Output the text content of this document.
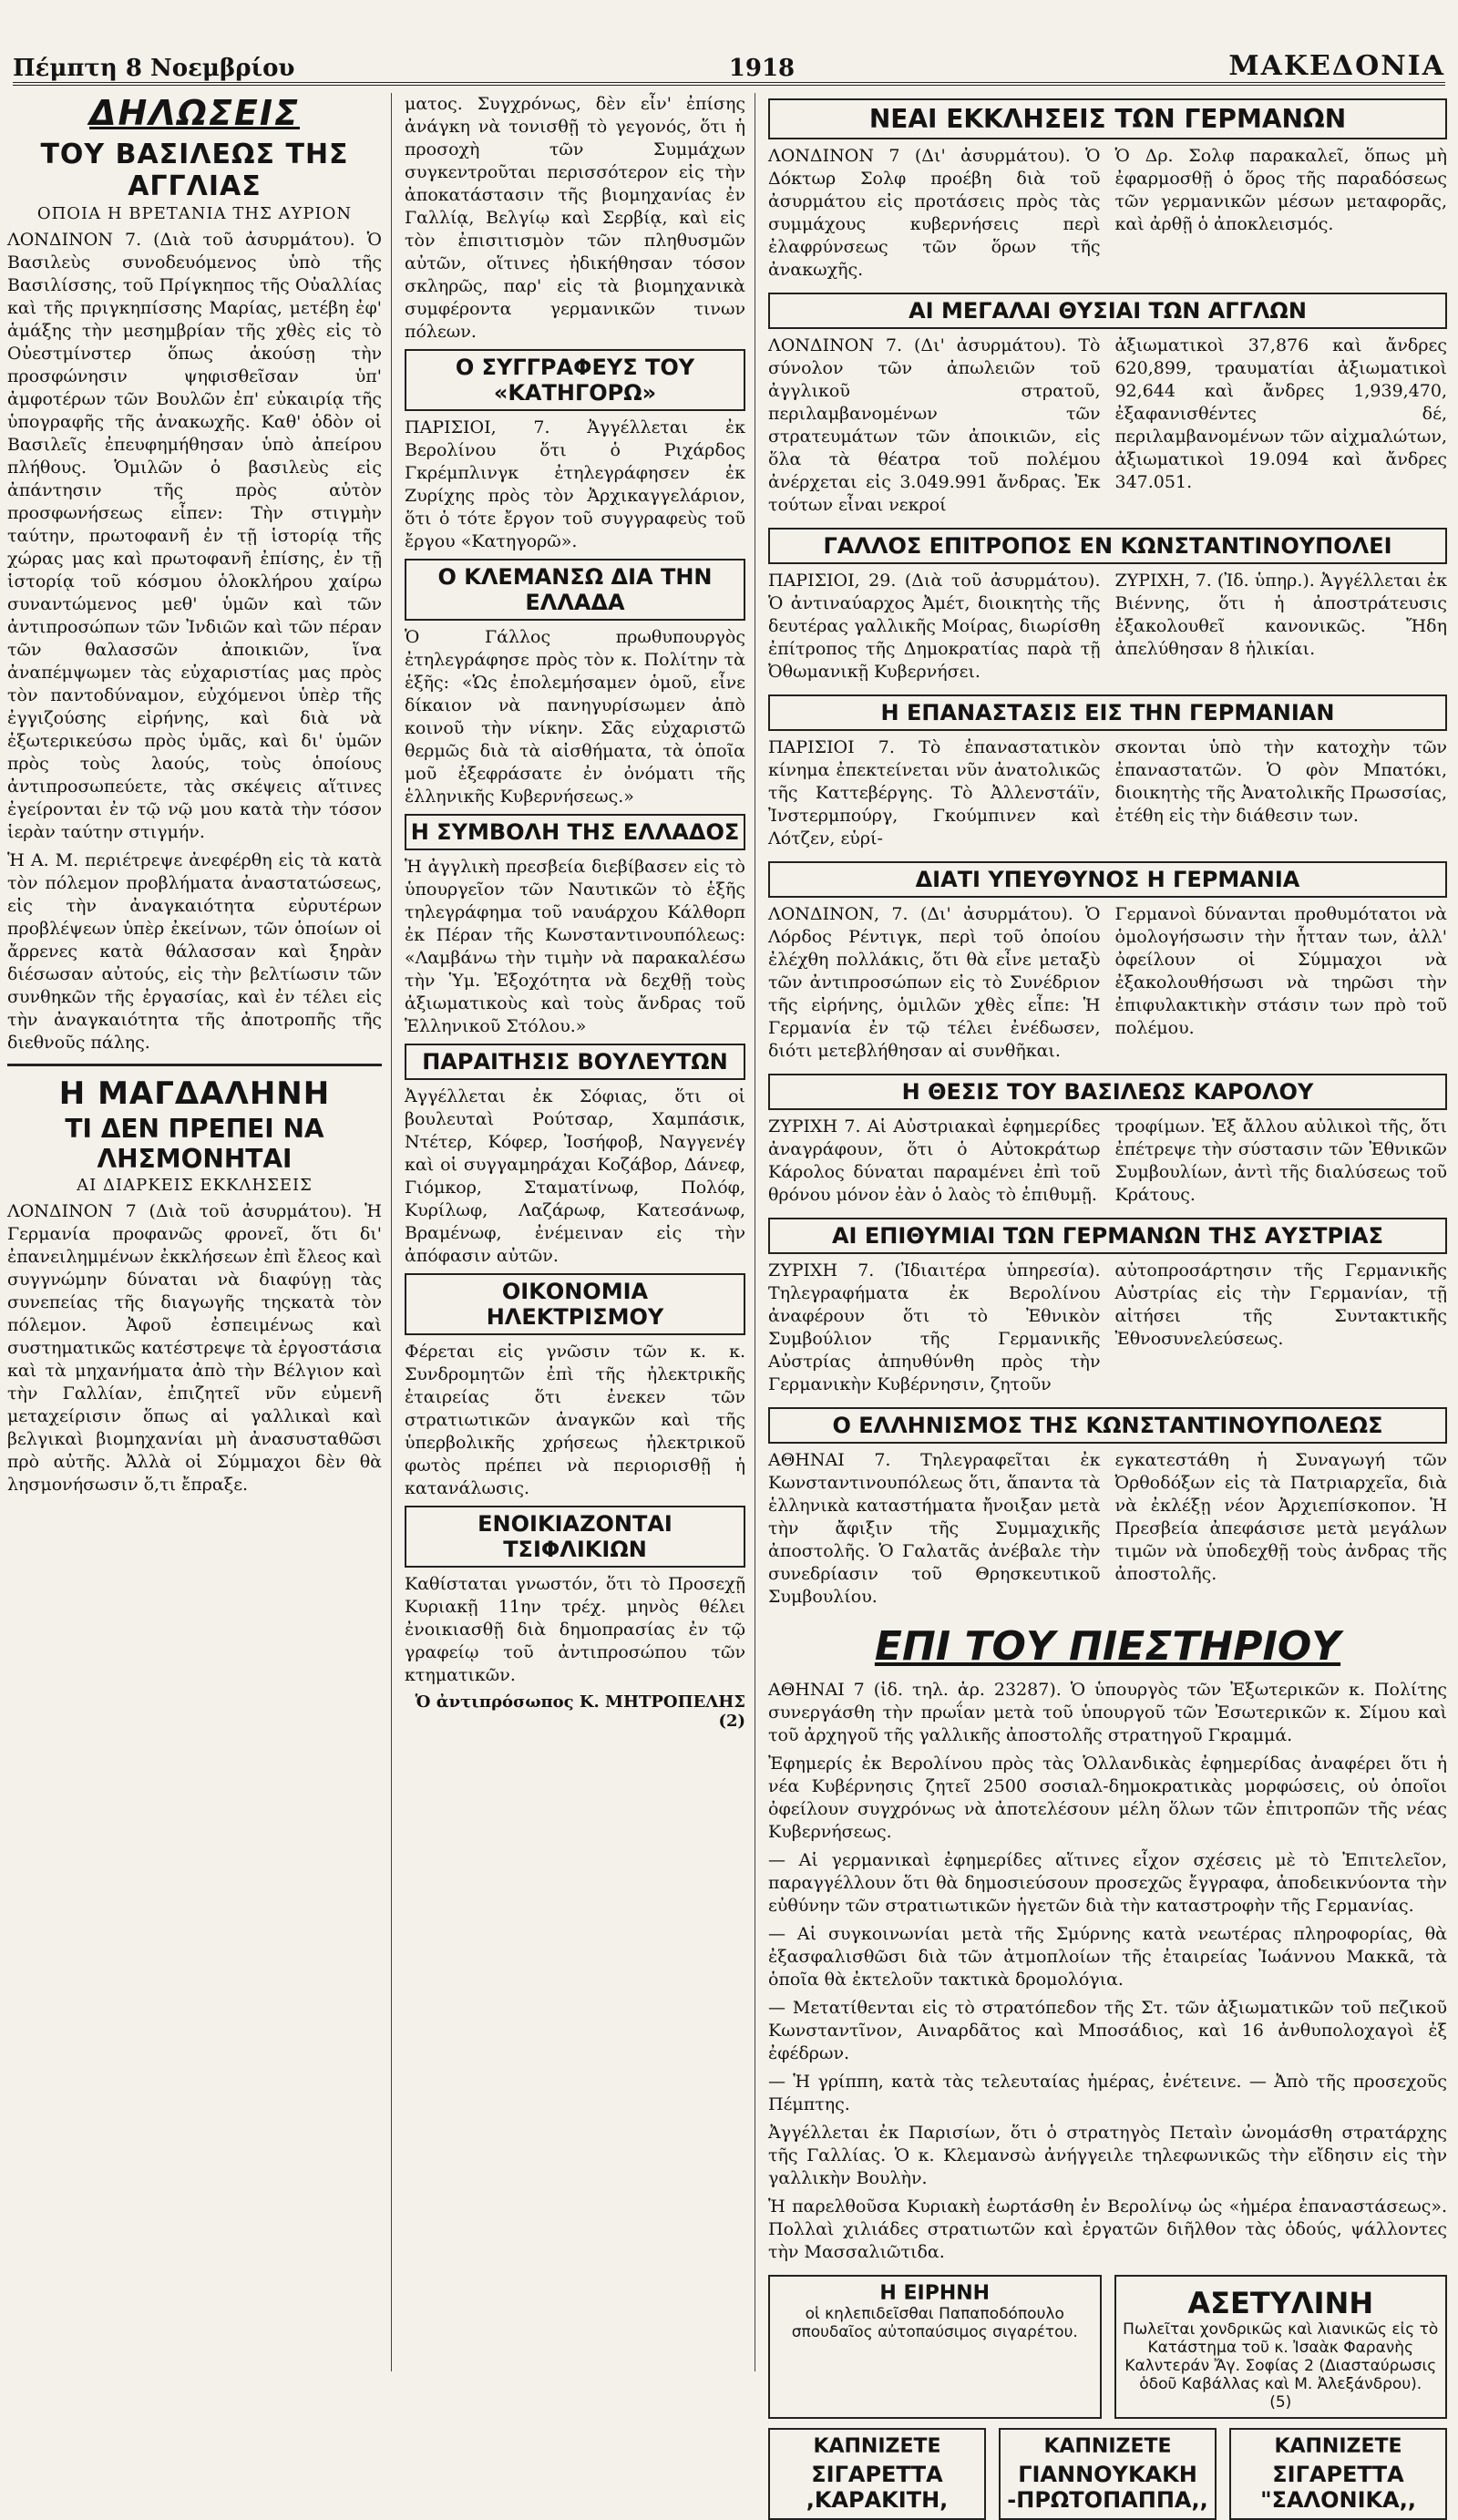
Πέμπτη 8 Νοεμβρίου	1918	ΜΑΚΕΔΟΝΙΑ
ΔΗΛΩΣΕΙΣ
ΤΟΥ ΒΑΣΙΛΕΩΣ ΤΗΣ ΑΓΓΛΙΑΣ
ΟΠΟΙΑ Η ΒΡΕΤΑΝΙΑ ΤΗΣ ΑΥΡΙΟΝ

ΛΟΝΔΙΝΟΝ 7. (Διὰ τοῦ ἀσυρμάτου). Ὁ Βασιλεὺς συνοδευόμενος ὑπὸ τῆς Βασιλίσσης, τοῦ Πρίγκηπος τῆς Οὐαλλίας καὶ τῆς πριγκηπίσσης Μαρίας, μετέβη ἐφ' ἁμάξης τὴν μεσημβρίαν τῆς χθὲς εἰς τὸ Οὐεστμίνστερ ὅπως ἀκούσῃ τὴν προσφώνησιν ψηφισθεῖσαν ὑπ' ἀμφοτέρων τῶν Βουλῶν ἐπ' εὐκαιρίᾳ τῆς ὑπογραφῆς τῆς ἀνακωχῆς. Καθ' ὁδὸν οἱ Βασιλεῖς ἐπευφημήθησαν ὑπὸ ἀπείρου πλήθους. Ὁμιλῶν ὁ βασιλεὺς εἰς ἀπάντησιν τῆς πρὸς αὐτὸν προσφωνήσεως εἶπεν: Τὴν στιγμὴν ταύτην, πρωτοφανῆ ἐν τῇ ἱστορίᾳ τῆς χώρας μας καὶ πρωτοφανῆ ἐπίσης, ἐν τῇ ἱστορίᾳ τοῦ κόσμου ὁλοκλήρου χαίρω συναντώμενος μεθ' ὑμῶν καὶ τῶν ἀντιπροσώπων τῶν Ἰνδιῶν καὶ τῶν πέραν τῶν θαλασσῶν ἀποικιῶν, ἵνα ἀναπέμψωμεν τὰς εὐχαριστίας μας πρὸς τὸν παντοδύναμον, εὐχόμενοι ὑπὲρ τῆς ἐγγιζούσης εἰρήνης, καὶ διὰ νὰ ἐξωτερικεύσω πρὸς ὑμᾶς, καὶ δι' ὑμῶν πρὸς τοὺς λαούς, τοὺς ὁποίους ἀντιπροσωπεύετε, τὰς σκέψεις αἵτινες ἐγείρονται ἐν τῷ νῷ μου κατὰ τὴν τόσον ἱερὰν ταύτην στιγμήν.

Ἡ Α. Μ. περιέτρεψε ἀνεφέρθη εἰς τὰ κατὰ τὸν πόλεμον προβλήματα ἀναστατώσεως, εἰς τὴν ἀναγκαιότητα εὐρυτέρων προβλέψεων ὑπὲρ ἐκείνων, τῶν ὁποίων οἱ ἄρρενες κατὰ θάλασσαν καὶ ξηρὰν διέσωσαν αὐτούς, εἰς τὴν βελτίωσιν τῶν συνθηκῶν τῆς ἐργασίας, καὶ ἐν τέλει εἰς τὴν ἀναγκαιότητα τῆς ἀποτροπῆς τῆς διεθνοῦς πάλης.

Η ΜΑΓΔΑΛΗΝΗ
ΤΙ ΔΕΝ ΠΡΕΠΕΙ ΝΑ ΛΗΣΜΟΝΗΤΑΙ
ΑΙ ΔΙΑΡΚΕΙΣ ΕΚΚΛΗΣΕΙΣ

ΛΟΝΔΙΝΟΝ 7 (Διὰ τοῦ ἀσυρμάτου). Ἡ Γερμανία προφανῶς φρονεῖ, ὅτι δι' ἐπανειλημμένων ἐκκλήσεων ἐπὶ ἔλεος καὶ συγγνώμην δύναται νὰ διαφύγῃ τὰς συνεπείας τῆς διαγωγῆς τηςκατὰ τὸν πόλεμον. Ἀφοῦ ἐσπειμένως καὶ συστηματικῶς κατέστρεψε τὰ ἐργοστάσια καὶ τὰ μηχανήματα ἀπὸ τὴν Βέλγιον καὶ τὴν Γαλλίαν, ἐπιζητεῖ νῦν εὐμενῆ μεταχείρισιν ὅπως αἱ γαλλικαὶ καὶ βελγικαὶ βιομηχανίαι μὴ ἀνασυσταθῶσι πρὸ αὐτῆς. Ἀλλὰ οἱ Σύμμαχοι δὲν θὰ λησμονήσωσιν ὅ,τι ἔπραξε.

ματος. Συγχρόνως, δὲν εἶν' ἐπίσης ἀνάγκη νὰ τονισθῇ τὸ γεγονός, ὅτι ἡ προσοχὴ τῶν Συμμάχων συγκεντροῦται περισσότερον εἰς τὴν ἀποκατάστασιν τῆς βιομηχανίας ἐν Γαλλίᾳ, Βελγίῳ καὶ Σερβίᾳ, καὶ εἰς τὸν ἐπισιτισμὸν τῶν πληθυσμῶν αὐτῶν, οἵτινες ἠδικήθησαν τόσον σκληρῶς, παρ' εἰς τὰ βιομηχανικὰ συμφέροντα γερμανικῶν τινων πόλεων.

Ο ΣΥΓΓΡΑΦΕΥΣ ΤΟΥ «ΚΑΤΗΓΟΡΩ»

ΠΑΡΙΣΙΟΙ, 7. Ἀγγέλλεται ἐκ Βερολίνου ὅτι ὁ Ριχάρδος Γκρέμπλινγκ ἐτηλεγράφησεν ἐκ Ζυρίχης πρὸς τὸν Ἀρχικαγγελάριον, ὅτι ὁ τότε ἔργον τοῦ συγγραφεὺς τοῦ ἔργου «Κατηγορῶ».

Ο ΚΛΕΜΑΝΣΩ ΔΙΑ ΤΗΝ ΕΛΛΑΔΑ

Ὁ Γάλλος πρωθυπουργὸς ἐτηλεγράφησε πρὸς τὸν κ. Πολίτην τὰ ἑξῆς: «Ὡς ἐπολεμήσαμεν ὁμοῦ, εἶνε δίκαιον νὰ πανηγυρίσωμεν ἀπὸ κοινοῦ τὴν νίκην. Σᾶς εὐχαριστῶ θερμῶς διὰ τὰ αἰσθήματα, τὰ ὁποῖα μοῦ ἐξεφράσατε ἐν ὀνόματι τῆς ἑλληνικῆς Κυβερνήσεως.»

Η ΣΥΜΒΟΛΗ ΤΗΣ ΕΛΛΑΔΟΣ

Ἡ ἀγγλικὴ πρεσβεία διεβίβασεν εἰς τὸ ὑπουργεῖον τῶν Ναυτικῶν τὸ ἑξῆς τηλεγράφημα τοῦ ναυάρχου Κάλθορπ ἐκ Πέραν τῆς Κωνσταντινουπόλεως: «Λαμβάνω τὴν τιμὴν νὰ παρακαλέσω τὴν Ὑμ. Ἐξοχότητα νὰ δεχθῇ τοὺς ἀξιωματικοὺς καὶ τοὺς ἄνδρας τοῦ Ἑλληνικοῦ Στόλου.»

ΠΑΡΑΙΤΗΣΙΣ ΒΟΥΛΕΥΤΩΝ

Ἀγγέλλεται ἐκ Σόφιας, ὅτι οἱ βουλευταὶ Ρούτσαρ, Χαμπάσικ, Ντέτερ, Κόφερ, Ἰοσήφοβ, Ναγγενέγ καὶ οἱ συγγαμηράχαι Κοζάβορ, Δάνεφ, Γιόμκορ, Σταματίνωφ, Πολόφ, Κυρίλωφ, Λαζάρωφ, Κατεσάνωφ, Βραμένωφ, ἐνέμειναν εἰς τὴν ἀπόφασιν αὐτῶν.

ΟΙΚΟΝΟΜΙΑ ΗΛΕΚΤΡΙΣΜΟΥ

Φέρεται εἰς γνῶσιν τῶν κ. κ. Συνδρομητῶν ἐπὶ τῆς ἠλεκτρικῆς ἐταιρείας ὅτι ἐνεκεν τῶν στρατιωτικῶν ἀναγκῶν καὶ τῆς ὑπερβολικῆς χρήσεως ἠλεκτρικοῦ φωτὸς πρέπει νὰ περιορισθῇ ἡ κατανάλωσις.

ΕΝΟΙΚΙΑΖΟΝΤΑΙ ΤΣΙΦΛΙΚΙΩΝ

Καθίσταται γνωστόν, ὅτι τὸ Προσεχῇ Κυριακῇ 11ην τρέχ. μηνὸς θέλει ἐνοικιασθῇ διὰ δημοπρασίας ἐν τῷ γραφείῳ τοῦ ἀντιπροσώπου τῶν κτηματικῶν.

Ὁ ἀντιπρόσωπος Κ. ΜΗΤΡΟΠΕΛΗΣ
(2)
ΝΕΑΙ ΕΚΚΛΗΣΕΙΣ ΤΩΝ ΓΕΡΜΑΝΩΝ

ΛΟΝΔΙΝΟΝ 7 (Δι' ἀσυρμάτου). Ὁ Δόκτωρ Σολφ προέβη διὰ τοῦ ἀσυρμάτου εἰς προτάσεις πρὸς τὰς συμμάχους κυβερνήσεις περὶ ἐλαφρύνσεως τῶν ὅρων τῆς ἀνακωχῆς.

Ὁ Δρ. Σολφ παρακαλεῖ, ὅπως μὴ ἐφαρμοσθῇ ὁ ὅρος τῆς παραδόσεως τῶν γερμανικῶν μέσων μεταφορᾶς, καὶ ἀρθῇ ὁ ἀποκλεισμός.

ΑΙ ΜΕΓΑΛΑΙ ΘΥΣΙΑΙ ΤΩΝ ΑΓΓΛΩΝ

ΛΟΝΔΙΝΟΝ 7. (Δι' ἀσυρμάτου). Τὸ σύνολον τῶν ἀπωλειῶν τοῦ ἀγγλικοῦ στρατοῦ, περιλαμβανομένων τῶν στρατευμάτων τῶν ἀποικιῶν, εἰς ὅλα τὰ θέατρα τοῦ πολέμου ἀνέρχεται εἰς 3.049.991 ἄνδρας. Ἐκ τούτων εἶναι νεκροί

ἀξιωματικοὶ 37,876 καὶ ἄνδρες 620,899, τραυματίαι ἀξιωματικοὶ 92,644 καὶ ἄνδρες 1,939,470, ἐξαφανισθέντες δέ, περιλαμβανομένων τῶν αἰχμαλώτων, ἀξιωματικοὶ 19.094 καὶ ἄνδρες 347.051.

ΓΑΛΛΟΣ ΕΠΙΤΡΟΠΟΣ ΕΝ ΚΩΝΣΤΑΝΤΙΝΟΥΠΟΛΕΙ

ΠΑΡΙΣΙΟΙ, 29. (Διὰ τοῦ ἀσυρμάτου). Ὁ ἀντιναύαρχος Ἀμέτ, διοικητὴς τῆς δευτέρας γαλλικῆς Μοίρας, διωρίσθη ἐπίτροπος τῆς Δημοκρατίας παρὰ τῇ Ὀθωμανικῇ Κυβερνήσει.

ΖΥΡΙΧΗ, 7. (Ἰδ. ὑπηρ.). Ἀγγέλλεται ἐκ Βιέννης, ὅτι ἡ ἀποστράτευσις ἐξακολουθεῖ κανονικῶς. Ἤδη ἀπελύθησαν 8 ἡλικίαι.

Η ΕΠΑΝΑΣΤΑΣΙΣ ΕΙΣ ΤΗΝ ΓΕΡΜΑΝΙΑΝ

ΠΑΡΙΣΙΟΙ 7. Τὸ ἐπαναστατικὸν κίνημα ἐπεκτείνεται νῦν ἀνατολικῶς τῆς Καττεβέργης. Τὸ Ἀλλενστάϊν, Ἰνστερμπούργ, Γκούμπινεν καὶ Λότζεν, εὑρί-

σκονται ὑπὸ τὴν κατοχὴν τῶν ἐπαναστατῶν. Ὁ φὸν Μπατόκι, διοικητὴς τῆς Ἀνατολικῆς Πρωσσίας, ἐτέθη εἰς τὴν διάθεσιν των.

ΔΙΑΤΙ ΥΠΕΥΘΥΝΟΣ Η ΓΕΡΜΑΝΙΑ

ΛΟΝΔΙΝΟΝ, 7. (Δι' ἀσυρμάτου). Ὁ Λόρδος Ρέντιγκ, περὶ τοῦ ὁποίου ἐλέχθη πολλάκις, ὅτι θὰ εἶνε μεταξὺ τῶν ἀντιπροσώπων εἰς τὸ Συνέδριον τῆς εἰρήνης, ὁμιλῶν χθὲς εἶπε: Ἡ Γερμανία ἐν τῷ τέλει ἐνέδωσεν, διότι μετεβλήθησαν αἱ συνθῆκαι.

Γερμανοὶ δύνανται προθυμότατοι νὰ ὁμολογήσωσιν τὴν ἧτταν των, ἀλλ' ὀφείλουν οἱ Σύμμαχοι νὰ ἐξακολουθήσωσι νὰ τηρῶσι τὴν ἐπιφυλακτικὴν στάσιν των πρὸ τοῦ πολέμου.

Η ΘΕΣΙΣ ΤΟΥ ΒΑΣΙΛΕΩΣ ΚΑΡΟΛΟΥ

ΖΥΡΙΧΗ 7. Αἱ Αὐστριακαὶ ἐφημερίδες ἀναγράφουν, ὅτι ὁ Αὐτοκράτωρ Κάρολος δύναται παραμένει ἐπὶ τοῦ θρόνου μόνον ἐὰν ὁ λαὸς τὸ ἐπιθυμῇ.

τροφίμων. Ἐξ ἄλλου αὐλικοὶ τῆς, ὅτι ἐπέτρεψε τὴν σύστασιν τῶν Ἐθνικῶν Συμβουλίων, ἀντὶ τῆς διαλύσεως τοῦ Κράτους.

ΑΙ ΕΠΙΘΥΜΙΑΙ ΤΩΝ ΓΕΡΜΑΝΩΝ ΤΗΣ ΑΥΣΤΡΙΑΣ

ΖΥΡΙΧΗ 7. (Ἰδιαιτέρα ὑπηρεσία). Τηλεγραφήματα ἐκ Βερολίνου ἀναφέρουν ὅτι τὸ Ἐθνικὸν Συμβούλιον τῆς Γερμανικῆς Αὐστρίας ἀπηυθύνθη πρὸς τὴν Γερμανικὴν Κυβέρνησιν, ζητοῦν

αὐτοπροσάρτησιν τῆς Γερμανικῆς Αὐστρίας εἰς τὴν Γερμανίαν, τῇ αἰτήσει τῆς Συντακτικῆς Ἐθνοσυνελεύσεως.

Ο ΕΛΛΗΝΙΣΜΟΣ ΤΗΣ ΚΩΝΣΤΑΝΤΙΝΟΥΠΟΛΕΩΣ

ΑΘΗΝΑΙ 7. Τηλεγραφεῖται ἐκ Κωνσταντινουπόλεως ὅτι, ἅπαντα τὰ ἑλληνικὰ καταστήματα ἤνοιξαν μετὰ τὴν ἄφιξιν τῆς Συμμαχικῆς ἀποστολῆς. Ὁ Γαλατᾶς ἀνέβαλε τὴν συνεδρίασιν τοῦ Θρησκευτικοῦ Συμβουλίου.

εγκατεστάθη ἡ Συναγωγή τῶν Ὀρθοδόξων εἰς τὰ Πατριαρχεῖα, διὰ νὰ ἐκλέξῃ νέον Ἀρχιεπίσκοπον. Ἡ Πρεσβεία ἀπεφάσισε μετὰ μεγάλων τιμῶν νὰ ὑποδεχθῇ τοὺς ἀνδρας τῆς ἀποστολῆς.

ΕΠΙ ΤΟΥ ΠΙΕΣΤΗΡΙΟΥ

ΑΘΗΝΑΙ 7 (ἰδ. τηλ. ἀρ. 23287). Ὁ ὑπουργὸς τῶν Ἐξωτερικῶν κ. Πολίτης συνεργάσθη τὴν πρωΐαν μετὰ τοῦ ὑπουργοῦ τῶν Ἐσωτερικῶν κ. Σίμου καὶ τοῦ ἀρχηγοῦ τῆς γαλλικῆς ἀποστολῆς στρατηγοῦ Γκραμμά.

Ἐφημερίς ἐκ Βερολίνου πρὸς τὰς Ὁλλανδικὰς ἐφημερίδας ἀναφέρει ὅτι ἡ νέα Κυβέρνησις ζητεῖ 2500 σοσιαλ-δημοκρατικὰς μορφώσεις, οὐ ὁποῖοι ὀφείλουν συγχρόνως νὰ ἀποτελέσουν μέλη ὅλων τῶν ἐπιτροπῶν τῆς νέας Κυβερνήσεως.

— Αἱ γερμανικαὶ ἐφημερίδες αἵτινες εἶχον σχέσεις μὲ τὸ Ἐπιτελεῖον, παραγγέλλουν ὅτι θὰ δημοσιεύσουν προσεχῶς ἔγγραφα, ἀποδεικνύοντα τὴν εὐθύνην τῶν στρατιωτικῶν ἡγετῶν διὰ τὴν καταστροφὴν τῆς Γερμανίας.

— Αἱ συγκοινωνίαι μετὰ τῆς Σμύρνης κατὰ νεωτέρας πληροφορίας, θὰ ἐξασφαλισθῶσι διὰ τῶν ἀτμοπλοίων τῆς ἐταιρείας Ἰωάννου Μακκᾶ, τὰ ὁποῖα θὰ ἐκτελοῦν τακτικὰ δρομολόγια.

— Μετατίθενται εἰς τὸ στρατόπεδον τῆς Στ. τῶν ἀξιωματικῶν τοῦ πεζικοῦ Κωνσταντῖνον, Αιναρδᾶτος καὶ Μποσάδιος, καὶ 16 ἀνθυπολοχαγοὶ ἐξ ἐφέδρων.

— Ἡ γρίππη, κατὰ τὰς τελευταίας ἡμέρας, ἐνέτεινε. — Ἀπὸ τῆς προσεχοῦς Πέμπτης.

Ἀγγέλλεται ἐκ Παρισίων, ὅτι ὁ στρατηγὸς Πεταὶν ὠνομάσθη στρατάρχης τῆς Γαλλίας. Ὁ κ. Κλεμανσὼ ἀνήγγειλε τηλεφωνικῶς τὴν εἴδησιν εἰς τὴν γαλλικὴν Βουλὴν.

Ἡ παρελθοῦσα Κυριακὴ ἑωρτάσθη ἐν Βερολίνῳ ὡς «ἡμέρα ἐπαναστάσεως». Πολλαὶ χιλιάδες στρατιωτῶν καὶ ἐργατῶν διῆλθον τὰς ὁδούς, ψάλλοντες τὴν Μασσαλιῶτιδα.

Η ΕΙΡΗΝΗ
οἱ κηλεπιδεῖσθαι Παπαποδόπουλο σπουδαῖος αὐτοπαύσιμος σιγαρέτου.
ΑΣΕΤΥΛΙΝΗ
Πωλεῖται χονδρικῶς καὶ λιανικῶς εἰς τὸ Κατάστημα τοῦ κ. Ἰσαὰκ Φαρανὴς Καλντεράν Ἄγ. Σοφίας 2 (Διασταύρωσις ὁδοῦ Καβάλλας καὶ Μ. Ἀλεξάνδρου).
(5)
ΚΑΠΝΙΖΕΤΕ
ΣΙΓΑΡΕΤΤΑ ,ΚΑΡΑΚΙΤΗ,
ΚΑΠΝΙΖΕΤΕ
ΓΙΑΝΝΟΥΚΑΚΗ -ΠΡΩΤΟΠΑΠΠΑ,,
ΚΑΠΝΙΖΕΤΕ
ΣΙΓΑΡΕΤΤΑ "ΣΑΛΟΝΙΚΑ,,
